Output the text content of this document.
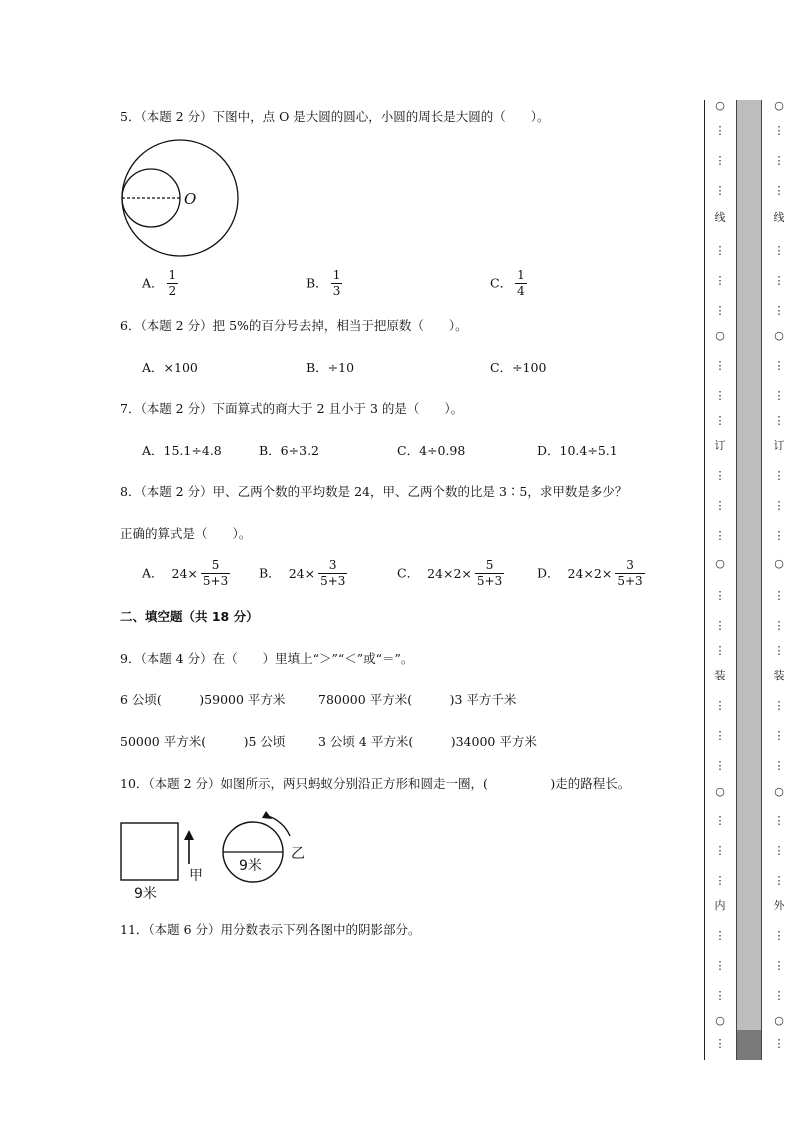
5．（本题 2 分）下图中，点 O 是大圆的圆心，小圆的周长是大圆的（　　）。
O
A． $\frac{1}{2}$	B． $\frac{1}{3}$	C． $\frac{1}{4}$
6．（本题 2 分）把 5%的百分号去掉，相当于把原数（　　）。
A．×100	B．÷10	C．÷100
7．（本题 2 分）下面算式的商大于 2 且小于 3 的是（　　）。
A．15.1÷4.8	B．6÷3.2	C．4÷0.98	D．10.4÷5.1
8．（本题 2 分）甲、乙两个数的平均数是 24，甲、乙两个数的比是 3∶5，求甲数是多少？
正确的算式是（　　）。
A． $24\times \frac{5}{5+3}$ B． $24\times \frac{3}{5+3}$	C． $24\times 2\times \frac{5}{5+3}$	D． $24\times 2\times \frac{3}{5+3}$
二、填空题（共 18 分）
9．（本题 4 分）在（　　）里填上“＞”“＜”或“＝”。
6 公顷(　　　)59000 平方米	780000 平方米(　　　)3 平方千米
50000 平方米(　　　)5 公顷	3 公顷 4 平方米(　　　)34000 平方米
10．（本题 2 分）如图所示，两只蚂蚁分别沿正方形和圆走一圈，(　　　　　)走的路程长。
9米
甲
9米
乙
11．（本题 6 分）用分数表示下列各图中的阴影部分。
○
⋮
⋮
⋮
线
⋮
⋮
⋮
○
⋮
⋮
⋮
订
⋮
⋮
⋮
○
⋮
⋮
⋮
装
⋮
⋮
⋮
○
⋮
⋮
⋮
内
⋮
⋮
⋮
○
⋮
○
⋮
⋮
⋮
线
⋮
⋮
⋮
○
⋮
⋮
⋮
订
⋮
⋮
⋮
○
⋮
⋮
⋮
装
⋮
⋮
⋮
○
⋮
⋮
⋮
外
⋮
⋮
⋮
○
⋮
